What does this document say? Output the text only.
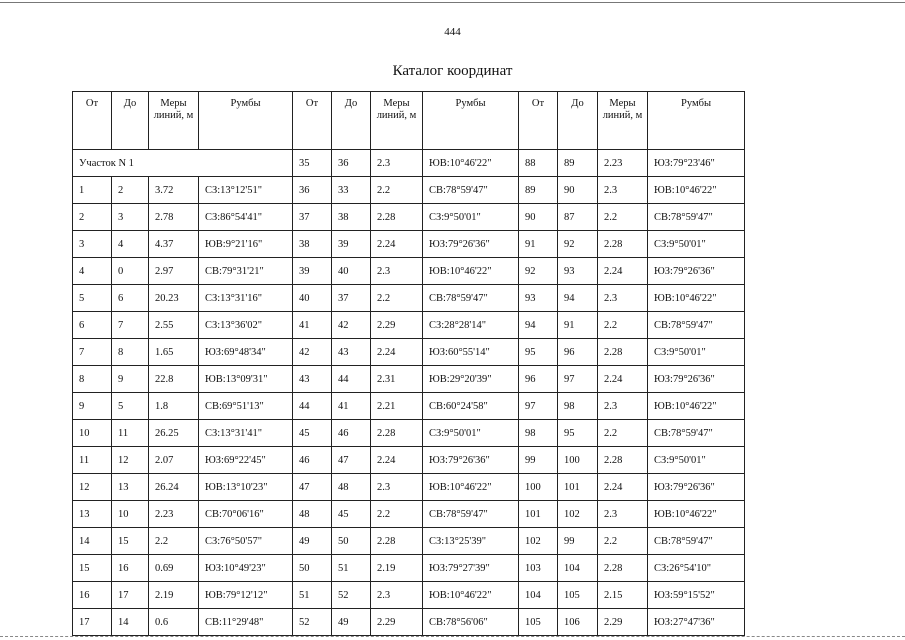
444
Каталог координат
От	До	Меры линий, м	Румбы	От	До	Меры линий, м	Румбы	От	До	Меры линий, м	Румбы
Участок N 1				35	36	2.3	ЮВ:10°46'22"	88	89	2.23	ЮЗ:79°23'46"
1	2	3.72	СЗ:13°12'51"	36	33	2.2	СВ:78°59'47"	89	90	2.3	ЮВ:10°46'22"
2	3	2.78	СЗ:86°54'41"	37	38	2.28	СЗ:9°50'01"	90	87	2.2	СВ:78°59'47"
3	4	4.37	ЮВ:9°21'16"	38	39	2.24	ЮЗ:79°26'36"	91	92	2.28	СЗ:9°50'01"
4	0	2.97	СВ:79°31'21"	39	40	2.3	ЮВ:10°46'22"	92	93	2.24	ЮЗ:79°26'36"
5	6	20.23	СЗ:13°31'16"	40	37	2.2	СВ:78°59'47"	93	94	2.3	ЮВ:10°46'22"
6	7	2.55	СЗ:13°36'02"	41	42	2.29	СЗ:28°28'14"	94	91	2.2	СВ:78°59'47"
7	8	1.65	ЮЗ:69°48'34"	42	43	2.24	ЮЗ:60°55'14"	95	96	2.28	СЗ:9°50'01"
8	9	22.8	ЮВ:13°09'31"	43	44	2.31	ЮВ:29°20'39"	96	97	2.24	ЮЗ:79°26'36"
9	5	1.8	СВ:69°51'13"	44	41	2.21	СВ:60°24'58"	97	98	2.3	ЮВ:10°46'22"
10	11	26.25	СЗ:13°31'41"	45	46	2.28	СЗ:9°50'01"	98	95	2.2	СВ:78°59'47"
11	12	2.07	ЮЗ:69°22'45"	46	47	2.24	ЮЗ:79°26'36"	99	100	2.28	СЗ:9°50'01"
12	13	26.24	ЮВ:13°10'23"	47	48	2.3	ЮВ:10°46'22"	100	101	2.24	ЮЗ:79°26'36"
13	10	2.23	СВ:70°06'16"	48	45	2.2	СВ:78°59'47"	101	102	2.3	ЮВ:10°46'22"
14	15	2.2	СЗ:76°50'57"	49	50	2.28	СЗ:13°25'39"	102	99	2.2	СВ:78°59'47"
15	16	0.69	ЮЗ:10°49'23"	50	51	2.19	ЮЗ:79°27'39"	103	104	2.28	СЗ:26°54'10"
16	17	2.19	ЮВ:79°12'12"	51	52	2.3	ЮВ:10°46'22"	104	105	2.15	ЮЗ:59°15'52"
17	14	0.6	СВ:11°29'48"	52	49	2.29	СВ:78°56'06"	105	106	2.29	ЮЗ:27°47'36"
